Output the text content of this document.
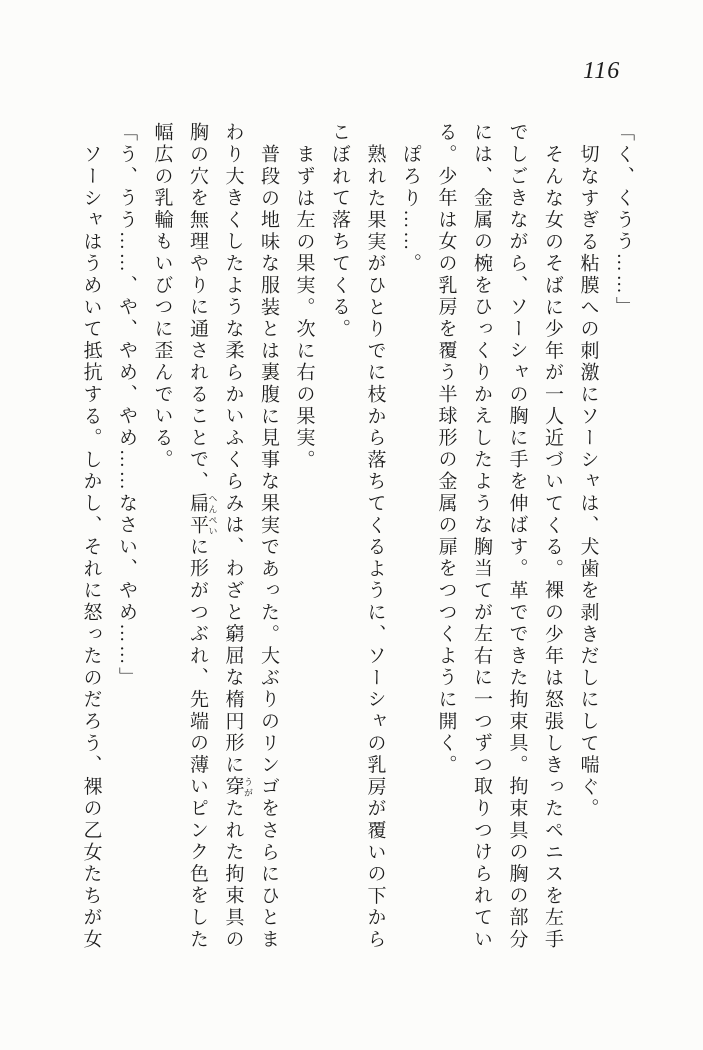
116

「く、くうう……」

切なすぎる粘膜への刺激にソーシャは、犬歯を剥きだしにして喘ぐ。

そんな女のそばに少年が一人近づいてくる。裸の少年は怒張しきったペニスを左手でしごきながら、ソーシャの胸に手を伸ばす。革でできた拘束具。拘束具の胸の部分には、金属の椀をひっくりかえしたような胸当てが左右に一つずつ取りつけられている。少年は女の乳房を覆う半球形の金属の扉をつつくように開く。

ぽろり……。

熟れた果実がひとりでに枝から落ちてくるように、ソーシャの乳房が覆いの下からこぼれて落ちてくる。

まずは左の果実。次に右の果実。

普段の地味な服装とは裏腹に見事な果実であった。大ぶりのリンゴをさらにひとまわり大きくしたような柔らかいふくらみは、わざと窮屈な楕円形に穿 うがたれた拘束具の胸の穴を無理やりに通されることで、扁平 へんぺいに形がつぶれ、先端の薄いピンク色をした幅広の乳輪もいびつに歪んでいる。

「う、うう……、や、やめ、やめ……なさい、やめ……」

ソーシャはうめいて抵抗する。しかし、それに怒ったのだろう、裸の乙女たちが女
